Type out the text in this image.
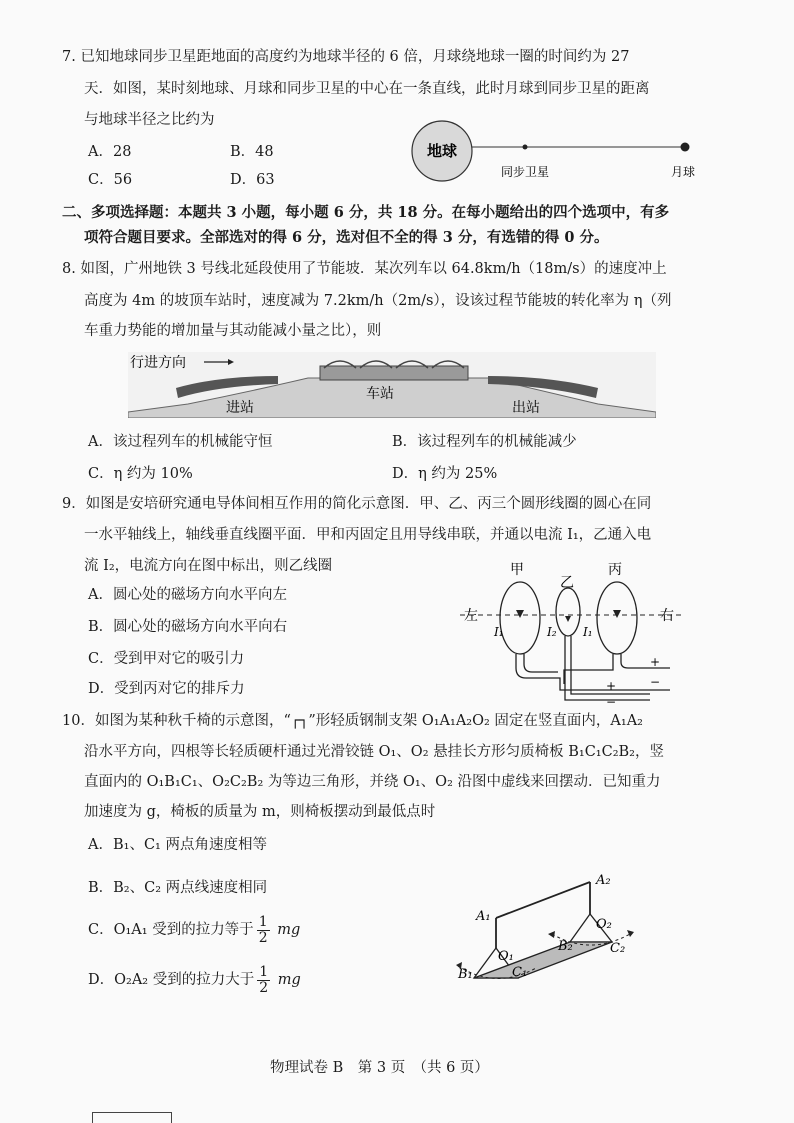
7. 已知地球同步卫星距地面的高度约为地球半径的 6 倍，月球绕地球一圈的时间约为 27
天．如图，某时刻地球、月球和同步卫星的中心在一条直线，此时月球到同步卫星的距离
与地球半径之比约为
A．28	B．48
C．56	D．63
地球
同步卫星	月球
二、多项选择题：本题共 3 小题，每小题 6 分，共 18 分。在每小题给出的四个选项中，有多
项符合题目要求。全部选对的得 6 分，选对但不全的得 3 分，有选错的得 0 分。
8. 如图，广州地铁 3 号线北延段使用了节能坡．某次列车以 64.8km/h（18m/s）的速度冲上
高度为 4m 的坡顶车站时，速度减为 7.2km/h（2m/s），设该过程节能坡的转化率为 η（列
车重力势能的增加量与其动能减小量之比），则
行进方向
进站
车站
出站
A．该过程列车的机械能守恒	B．该过程列车的机械能减少
C．η 约为 10%	D．η 约为 25%
9．如图是安培研究通电导体间相互作用的简化示意图．甲、乙、丙三个圆形线圈的圆心在同
一水平轴线上，轴线垂直线圈平面．甲和丙固定且用导线串联，并通以电流 I₁，乙通入电
流 I₂，电流方向在图中标出，则乙线圈
A．圆心处的磁场方向水平向左
B．圆心处的磁场方向水平向右
C．受到甲对它的吸引力
D．受到丙对它的排斥力
甲
乙
丙
左	右
I₁	I₂ I₁
+
−
+
−
10．如图为某种秋千椅的示意图，“┌┐”形轻质钢制支架 O₁A₁A₂O₂ 固定在竖直面内，A₁A₂
沿水平方向，四根等长轻质硬杆通过光滑铰链 O₁、O₂ 悬挂长方形匀质椅板 B₁C₁C₂B₂，竖
直面内的 O₁B₁C₁、O₂C₂B₂ 为等边三角形，并绕 O₁、O₂ 沿图中虚线来回摆动．已知重力
加速度为 g，椅板的质量为 m，则椅板摆动到最低点时
A．B₁、C₁ 两点角速度相等
B．B₂、C₂ 两点线速度相同
C．O₁A₁ 受到的拉力等于 $\frac{1}{2}$ mg
D．O₂A₂ 受到的拉力大于 $\frac{1}{2}$ mg
A₁
A₂
O₁
O₂
B₁
B₂
C₁
C₂
物理试卷 B　第 3 页　（共 6 页）
